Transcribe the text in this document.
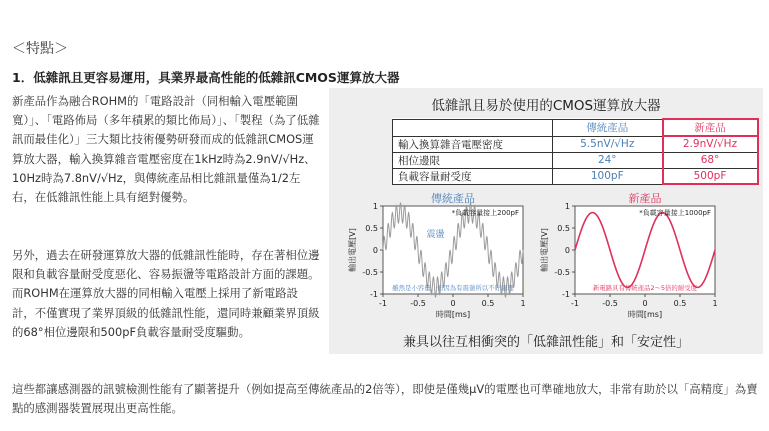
＜特點＞
1．低雜訊且更容易運用，具業界最高性能的低雜訊CMOS運算放大器

新產品作為融合ROHM的「電路設計（同相輸入電壓範圍寬）」、「電路佈局（多年積累的類比佈局）」、「製程（為了低雜訊而最佳化）」三大類比技術優勢研發而成的低雜訊CMOS運算放大器，輸入換算雜音電壓密度在1kHz時為2.9nV/√Hz、10Hz時為7.8nV/√Hz，與傳統產品相比雜訊量僅為1/2左右，在低雜訊性能上具有絕對優勢。

另外，過去在研發運算放大器的低雜訊性能時，存在著相位邊限和負載容量耐受度惡化、容易振盪等電路設計方面的課題。而ROHM在運算放大器的同相輸入電壓上採用了新電路設計，不僅實現了業界頂級的低雜訊性能，還同時兼顧業界頂級的68°相位邊限和500pF負載容量耐受度驅動。

這些都讓感測器的訊號檢測性能有了顯著提升（例如提高至傳統產品的2倍等），即使是僅幾µV的電壓也可準確地放大，非常有助於以「高精度」為賣點的感測器裝置展現出更高性能。

低雜訊且易於使用的CMOS運算放大器
	傳統產品	新產品
輸入換算雜音電壓密度	5.5nV/√Hz	2.9nV/√Hz
相位邊限	24°	68°
負載容量耐受度	100pF	500pF
傳統產品
1
0.5
0
-0.5
-1
-1	-0.5	0	0.5	1
時間[ms]
輸出電壓[V]
*負載容量接上200pF
震盪
雖然是小容量，但因為有震盪所以不好處理
新產品
1
0.5
0
-0.5
-1
-1	-0.5	0	0.5	1
時間[ms]
輸出電壓[V]
*負載容量接上1000pF
新電路具有傳統產品2～5倍的耐受度
兼具以往互相衝突的「低雜訊性能」和「安定性」
